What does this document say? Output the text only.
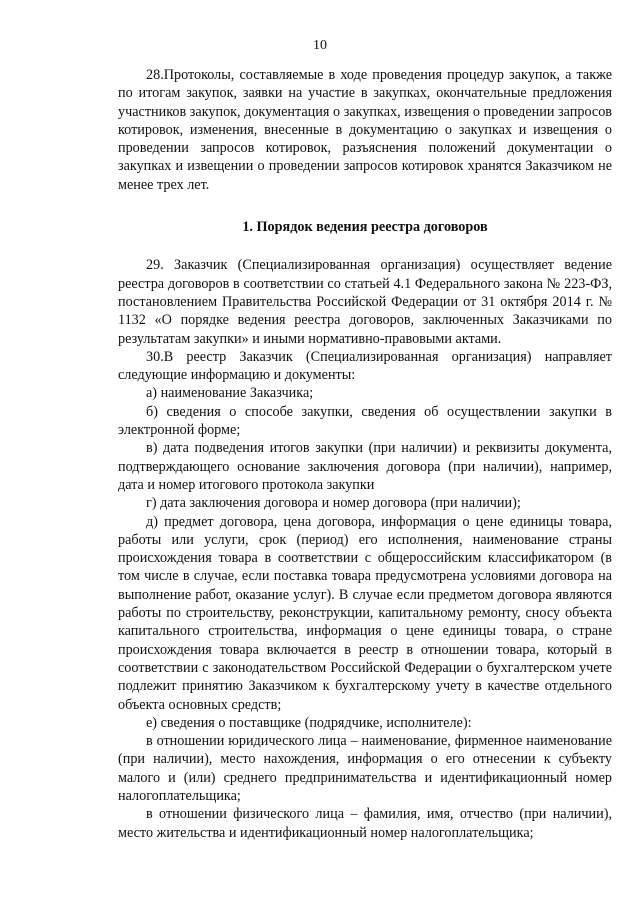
10

28.Протоколы, составляемые в ходе проведения процедур закупок, а также по итогам закупок, заявки на участие в закупках, окончательные предложения участников закупок, документация о закупках, извещения о проведении запросов котировок, изменения, внесенные в документацию о закупках и извещения о проведении запросов котировок, разъяснения положений документации о закупках и извещении о проведении запросов котировок хранятся Заказчиком не менее трех лет.

1. Порядок ведения реестра договоров

29. Заказчик (Специализированная организация) осуществляет ведение реестра договоров в соответствии со статьей 4.1 Федерального закона № 223-ФЗ, постановлением Правительства Российской Федерации от 31 октября 2014 г. № 1132 «О порядке ведения реестра договоров, заключенных Заказчиками по результатам закупки» и иными нормативно-правовыми актами.

30.В реестр Заказчик (Специализированная организация) направляет следующие информацию и документы:

а) наименование Заказчика;

б) сведения о способе закупки, сведения об осуществлении закупки в электронной форме;

в) дата подведения итогов закупки (при наличии) и реквизиты документа, подтверждающего основание заключения договора (при наличии), например, дата и номер итогового протокола закупки

г) дата заключения договора и номер договора (при наличии);

д) предмет договора, цена договора, информация о цене единицы товара, работы или услуги, срок (период) его исполнения, наименование страны происхождения товара в соответствии с общероссийским классификатором (в том числе в случае, если поставка товара предусмотрена условиями договора на выполнение работ, оказание услуг). В случае если предметом договора являются работы по строительству, реконструкции, капитальному ремонту, сносу объекта капитального строительства, информация о цене единицы товара, о стране происхождения товара включается в реестр в отношении товара, который в соответствии с законодательством Российской Федерации о бухгалтерском учете подлежит принятию Заказчиком к бухгалтерскому учету в качестве отдельного объекта основных средств;

е) сведения о поставщике (подрядчике, исполнителе):

в отношении юридического лица – наименование, фирменное наименование (при наличии), место нахождения, информация о его отнесении к субъекту малого и (или) среднего предпринимательства и идентификационный номер налогоплательщика;

в отношении физического лица – фамилия, имя, отчество (при наличии), место жительства и идентификационный номер налогоплательщика;
